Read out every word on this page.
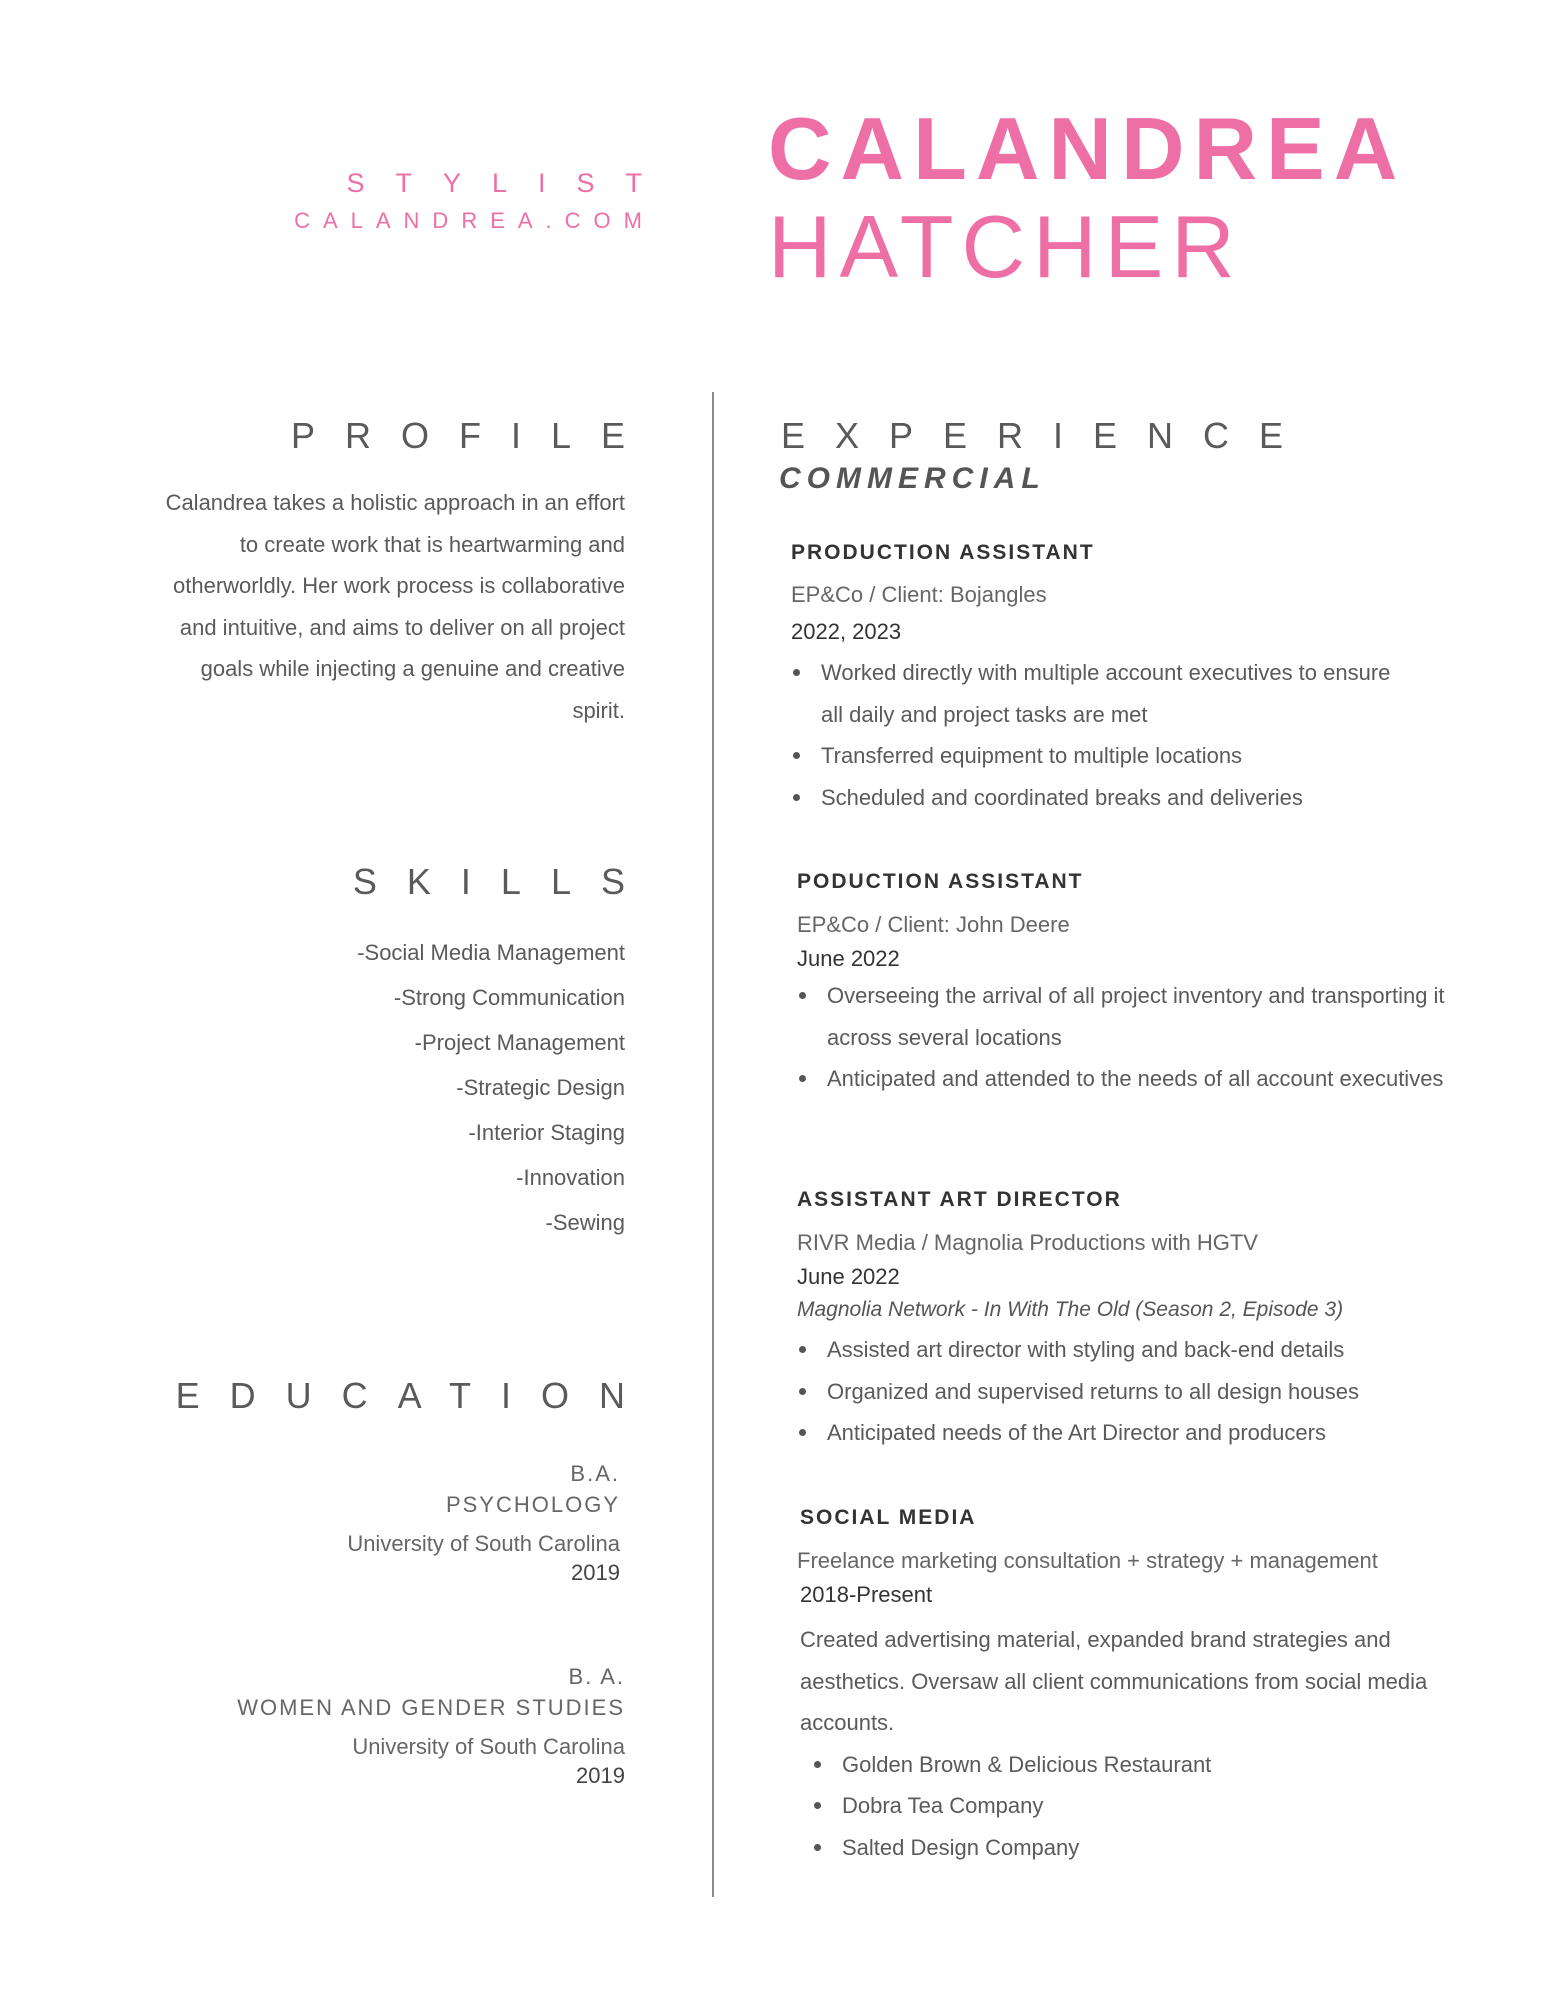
STYLIST
CALANDREA.COM
CALANDREA
HATCHER
PROFILE
Calandrea takes a holistic approach in an effort to create work that is heartwarming and otherworldly. Her work process is collaborative and intuitive, and aims to deliver on all project goals while injecting a genuine and creative spirit.
SKILLS
-Social Media Management
-Strong Communication
-Project Management
-Strategic Design
-Interior Staging
-Innovation
-Sewing
EDUCATION
B.A.
PSYCHOLOGY
University of South Carolina
2019
B. A.
WOMEN AND GENDER STUDIES
University of South Carolina
2019
EXPERIENCE
COMMERCIAL
PRODUCTION ASSISTANT
EP&Co / Client: Bojangles
2022, 2023
Worked directly with multiple account executives to ensure all daily and project tasks are met
Transferred equipment to multiple locations
Scheduled and coordinated breaks and deliveries
PODUCTION ASSISTANT
EP&Co / Client: John Deere
June 2022
Overseeing the arrival of all project inventory and transporting it across several locations
Anticipated and attended to the needs of all account executives
ASSISTANT ART DIRECTOR
RIVR Media / Magnolia Productions with HGTV
June 2022
Magnolia Network - In With The Old (Season 2, Episode 3)
Assisted art director with styling and back-end details
Organized and supervised returns to all design houses
Anticipated needs of the Art Director and producers
SOCIAL MEDIA
Freelance marketing consultation + strategy + management
2018-Present
Created advertising material, expanded brand strategies and aesthetics. Oversaw all client communications from social media accounts.
Golden Brown & Delicious Restaurant
Dobra Tea Company
Salted Design Company
